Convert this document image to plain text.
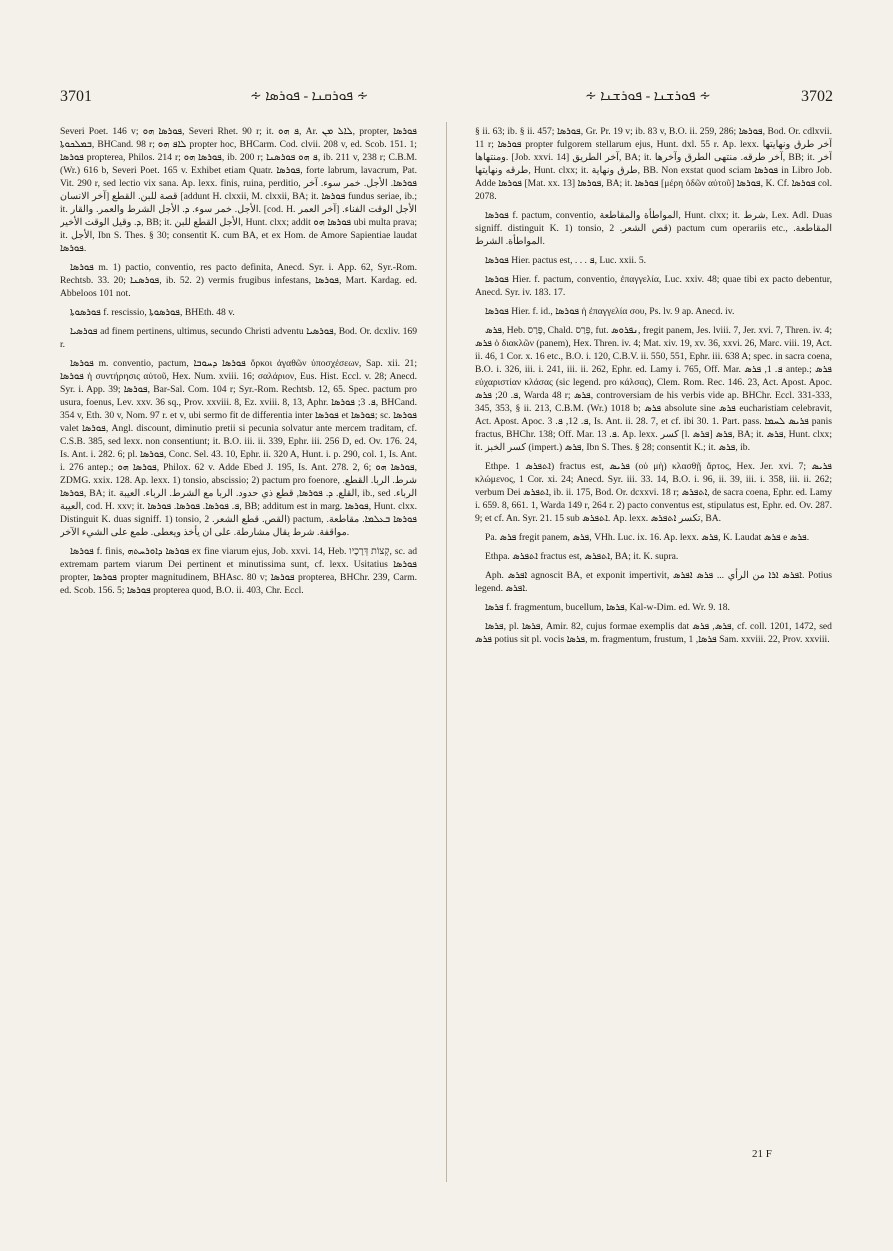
3701	∻ ܦܘܪܩܢܐ - ܦܘܪܣܐ ∻	∻ ܦܘܪܫܢܐ - ܦܘܪܫܢܐ ∻	3702

Severi Poet. 146 v; ܦܘܪܣܐ ܗܘ, Severi Rhet. 90 r; it. ܦ ܗܘ, Ar. ܠܐܠ ܡܢ, propter, ܦܘܪܣܐ ܒܡܠܟܘܬܐ, BHCand. 98 r; ܠܐܦ ܗܘ propter hoc, BHCarm. Cod. clvii. 208 v, ed. Scob. 151. 1; ܦܘܪܣܐ propterea, Philos. 214 r; ܦܘܪܣܐ ܗܘ, ib. 200 r; ܦ ܗܘ ܦܘܪܣܢܐ, ib. 211 v, 238 r; C.B.M. (Wr.) 616 b, Severi Poet. 165 v. Exhibet etiam Quatr. ܦܘܪܣܐ, forte labrum, lavacrum, Pat. Vit. 290 r, sed lectio vix sana. Ap. lexx. finis, ruina, perditio, ܦܘܪܣܐ. الأجل. خمر سوء. آخر قصة للبن. القطع [آخر الانسان [addunt H. clxxii, M. clxxii, BA; it. ܦܘܪܣܐ fundus seriae, ib.; it. الأجل. خمر سوء. ܕ. الأجل الشرط والعمر. والقار. [cod. H. آخر العمر] الأجل الوقت الفناء. ܕ. وقيل الوقت الأخير, BB; it. الأجل القطع للبن, Hunt. clxx; addit ܦܘܪܣܐ ܗܘ ubi multa prava; it. الأجل, Ibn S. Thes. § 30; consentit K. cum BA, et ex Hom. de Amore Sapientiae laudat ܦܘܪܣܐ.

ܦܘܪܣܐ m. 1) pactio, conventio, res pacto definita, Anecd. Syr. i. App. 62, Syr.-Rom. Rechtsb. 33. 20; ܦܘܪܣܢܐ, ib. 52. 2) vermis frugibus infestans, ܦܘܪܣܐ, Mart. Kardag. ed. Abbeloos 101 not.

ܦܘܪܣܘܬܐ f. rescissio, ܦܘܪܣܘܬܐ, BHEth. 48 v.

ܦܘܪܣܝܐ ad finem pertinens, ultimus, secundo Christi adventu ܦܘܪܣܝܐ, Bod. Or. dcxliv. 169 r.

ܦܘܪܣܐ m. conventio, pactum, ܦܘܪܣܐ ܕܚܘܒܐ ὅρκοι ἀγαθῶν ὑποσχέσεων, Sap. xii. 21; ܦܘܪܣܐ ἡ συντήρησις αὐτοῦ, Hex. Num. xviii. 16; σαλάριον, Eus. Hist. Eccl. v. 28; Anecd. Syr. i. App. 39; ܦܘܪܣܐ, Bar-Sal. Com. 104 r; Syr.-Rom. Rechtsb. 12, 65. Spec. pactum pro usura, foenus, Lev. xxv. 36 sq., Prov. xxviii. 8, Ez. xviii. 8, 13, Aphr. ܦ. 3; ܦܘܪܣܐ, BHCand. 354 v, Eth. 30 v, Nom. 97 r. et v, ubi sermo fit de differentia inter ܦܘܪܣܐ et ܦܘܪܣܐ; sc. ܦܘܪܣܐ valet ܦܘܪܣܐ, Angl. discount, diminutio pretii si pecunia solvatur ante mercem traditam, cf. C.S.B. 385, sed lexx. non consentiunt; it. B.O. iii. ii. 339, Ephr. iii. 256 D, ed. Ov. 176. 24, Is. Ant. i. 282. 6; pl. ܦܘܪܣܐ, Conc. Sel. 43. 10, Ephr. ii. 320 A, Hunt. i. p. 290, col. 1, Is. Ant. i. 276 antep.; ܦܘܪܣܐ ܗܘ, Philox. 62 v. Adde Ebed J. 195, Is. Ant. 278. 2, 6; ܦܘܪܣܐ ܗܘ, ZDMG. xxix. 128. Ap. lexx. 1) tonsio, abscissio; 2) pactum pro foenore, شرط. الربا. القطع. ܦܘܪܣܐ, BA; it. القلع. ܕ. ܦܘܪܣܐ, قطع ذي حدود. الربا مع الشرط. الرباء. العيبة, ib., sed الرباء. العيبة, cod. H. xxv; it. ܦ. ܦܘܪܣܐ. ܦܘܪܣܐ. ܦܘܪܣܐ, BB; additum est in marg. ܦܘܪܣܐ, Hunt. clxx. Distinguit K. duas signiff. 1) tonsio, القص. قطع الشعر. 2) pactum, ܦܘܪܣܐ ܒܥܠܡܐ. مقاطعة. مواقفة. شرط يقال مشارطة. على ان يأخذ ويعطى. طمع على الشيء الآخر.

ܦܘܪܣܐ f. finis, ܦܘܪܣܐ ܕܐܘܪܚܬܗ ex fine viarum ejus, Job. xxvi. 14, Heb. קְצוֹת דְּרָכָיו, sc. ad extremam partem viarum Dei pertinent et minutissima sunt, cf. lexx. Usitatius ܦܘܪܣܐ propter, ܦܘܪܣܐ propter magnitudinem, BHAsc. 80 v; ܦܘܪܣܐ propterea, BHChr. 239, Carm. ed. Scob. 156. 5; ܦܘܪܣܐ propterea quod, B.O. ii. 403, Chr. Eccl.

§ ii. 63; ib. § ii. 457; ܦܘܪܣܐ, Gr. Pr. 19 v; ib. 83 v, B.O. ii. 259, 286; ܦܘܪܣܐ, Bod. Or. cdlxvii. 11 r; ܦܘܪܣܐ propter fulgorem stellarum ejus, Hunt. dxl. 55 r. Ap. lexx. آخر طرق ونهايتها ومنتهاها. [Job. xxvi. 14] آخر الطريق, BA; it. آخر طرقه. منتهى الطرق وآخرها, BB; it. آخر طرقه ونهايتها, Hunt. clxx; it. طرق ونهاية, BB. Non exstat quod sciam ܦܘܪܣܐ in Libro Job. Adde ܦܘܪܣܐ [Mat. xx. 13] ܦܘܪܣܐ, BA; it. ܦܘܪܣܐ [μέρη ὁδῶν αὐτοῦ] ܦܘܪܣܐ, K. Cf. ܦܘܪܣܐ col. 2078.

ܦܘܪܣܐ f. pactum, conventio, المواطأة والمقاطعة, Hunt. clxx; it. شرط, Lex. Adl. Duas signiff. distinguit K. 1) tonsio, قص الشعر. 2) pactum cum operariis etc., المقاطعة. المواطأة. الشرط.

ܦܘܪܣܐ Hier. pactus est, . . . ܦ, Luc. xxii. 5.

ܦܘܪܣܐ Hier. f. pactum, conventio, ἐπαγγελία, Luc. xxiv. 48; quae tibi ex pacto debentur, Anecd. Syr. iv. 183. 17.

ܦܘܪܣܐ Hier. f. id., ܦܘܪܣܐ ἡ ἐπαγγελία σου, Ps. lv. 9 ap. Anecd. iv.

ܦܪܣ, Heb. פָּרַס, Chald. פְּרַס, fut. ܢܦܪܘܣ, fregit panem, Jes. lviii. 7, Jer. xvi. 7, Thren. iv. 4; ܦܪܣ ὁ διακλῶν (panem), Hex. Thren. iv. 4; Mat. xiv. 19, xv. 36, xxvi. 26, Marc. viii. 19, Act. ii. 46, 1 Cor. x. 16 etc., B.O. i. 120, C.B.V. ii. 550, 551, Ephr. iii. 638 A; spec. in sacra coena, B.O. i. 326, iii. i. 241, iii. ii. 262, Ephr. ed. Lamy i. 765, Off. Mar. ܦ. 1, ܦܪܣ antep.; ܦܪܣ εὐχαριστίαν κλάσας (sic legend. pro κάλσας), Clem. Rom. Rec. 146. 23, Act. Apost. Apoc. ܦ. 20; ܦܪܣ, Warda 48 r; ܦܪܣ, controversiam de his verbis vide ap. BHChr. Eccl. 331-333, 345, 353, § ii. 213, C.B.M. (Wr.) 1018 b; ܦܪܣ absolute sine ܦܪܣ eucharistiam celebravit, Act. Apost. Apoc. ܦ. 12, ܦ. 3, Is. Ant. ii. 28. 7, et cf. ibi 30. 1. Part. pass. ܦܪܝܣ ܠܚܡܐ panis fractus, BHChr. 138; Off. Mar. ܦ. 13. Ap. lexx. كسر [l. ܦܪܣ] ܦܪܣ, BA; it. ܦܪܣ, Hunt. clxx; it. كسر الخبز (impert.) ܦܪܣ, Ibn S. Thes. § 28; consentit K.; it. ܦܪܣ, ib.

Ethpe. ܐܬܦܪܣ 1) fractus est, ܦܪܝܣ (οὐ μὴ) κλασθῇ ἄρτος, Hex. Jer. xvi. 7; ܦܪܝܣ κλώμενος, 1 Cor. xi. 24; Anecd. Syr. iii. 33. 14, B.O. i. 96, ii. 39, iii. i. 358, iii. ii. 262; verbum Dei ܐܬܦܪܣ, ib. ii. 175, Bod. Or. dcxxvi. 18 r; ܐܬܦܪܣ, de sacra coena, Ephr. ed. Lamy i. 659. 8, 661. 1, Warda 149 r, 264 r. 2) pacto conventus est, stipulatus est, Ephr. ed. Ov. 287. 9; et cf. An. Syr. 21. 15 sub ܐܬܦܪܣ. Ap. lexx. تكسر ܐܬܦܪܣ, BA.

Pa. ܦܪܣ fregit panem, ܦܪܣ, VHh. Luc. ix. 16. Ap. lexx. ܦܪܣ, K. Laudat ܦܪܣ e ܦܪܣ.

Ethpa. ܐܬܦܪܣ fractus est, ܐܬܦܪܣ, BA; it. K. supra.

Aph. ܐܦܪܣ agnoscit BA, et exponit impertivit, ܐܦܪܣ ܐܪܐ من الرأي ... ܦܪܣ ܐܦܪܣ. Potius legend. ܐܦܪܣ.

ܦܪܣܐ f. fragmentum, bucellum, ܦܪܣܐ, Kal-w-Dim. ed. Wr. 9. 18.

ܦܪܣܐ, pl. ܦܪܣܐ, Amir. 82, cujus formae exemplis dat ܦܪܣ, ܦܪܣ, cf. coll. 1201, 1472, sed ܦܪܣ potius sit pl. vocis ܦܪܣܐ, m. fragmentum, frustum, ܦܪܣܐ, 1 Sam. xxviii. 22, Prov. xxviii.

21 F
